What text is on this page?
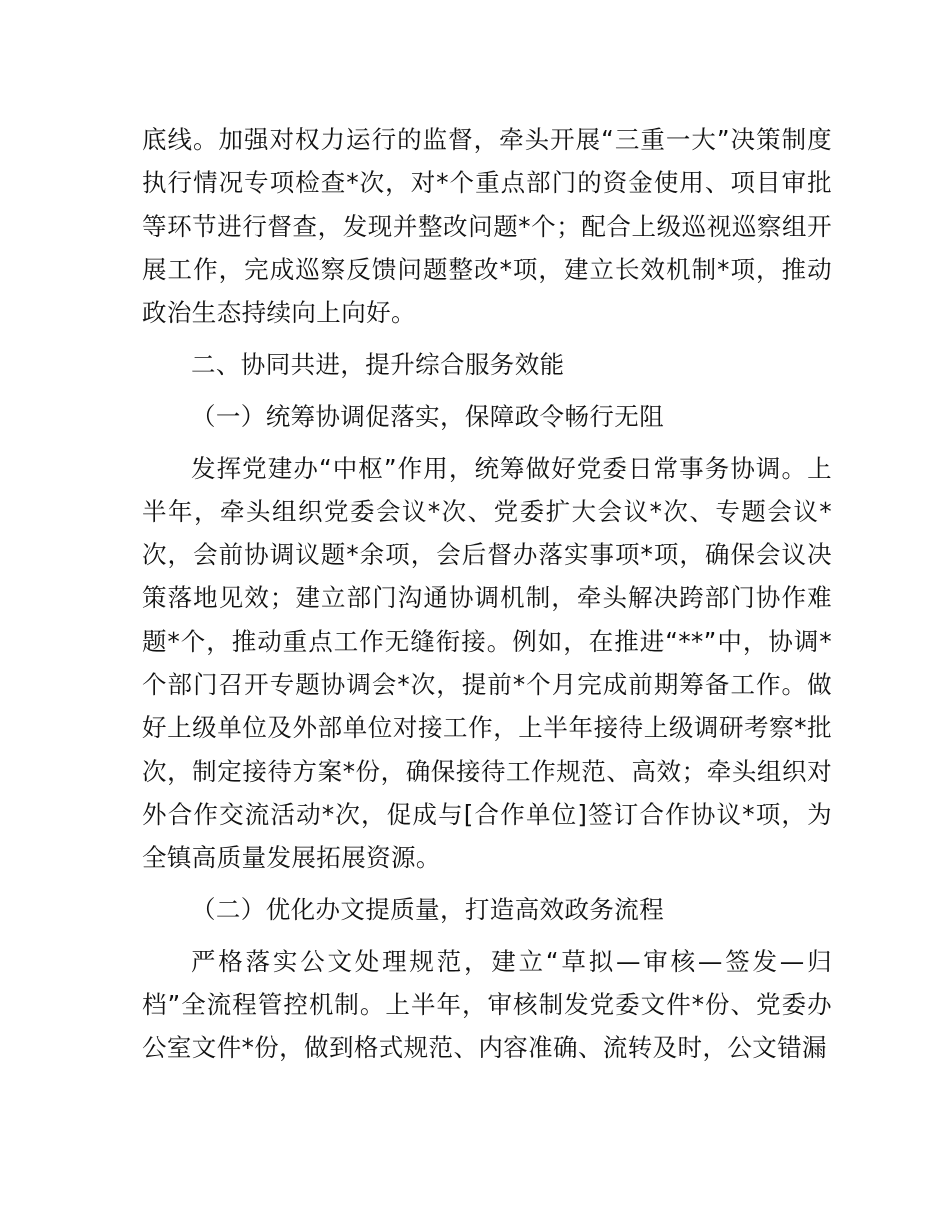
底线。加强对权力运行的监督，牵头开展“三重一大”决策制度执行情况专项检查*次，对*个重点部门的资金使用、项目审批等环节进行督查，发现并整改问题*个；配合上级巡视巡察组开展工作，完成巡察反馈问题整改*项，建立长效机制*项，推动政治生态持续向上向好。

二、协同共进，提升综合服务效能

（一）统筹协调促落实，保障政令畅行无阻

发挥党建办“中枢”作用，统筹做好党委日常事务协调。上半年，牵头组织党委会议*次、党委扩大会议*次、专题会议*次，会前协调议题*余项，会后督办落实事项*项，确保会议决策落地见效；建立部门沟通协调机制，牵头解决跨部门协作难题*个，推动重点工作无缝衔接。例如，在推进“**”中，协调*个部门召开专题协调会*次，提前*个月完成前期筹备工作。做好上级单位及外部单位对接工作，上半年接待上级调研考察*批次，制定接待方案*份，确保接待工作规范、高效；牵头组织对外合作交流活动*次，促成与[合作单位]签订合作协议*项，为全镇高质量发展拓展资源。

（二）优化办文提质量，打造高效政务流程

严格落实公文处理规范，建立“草拟—审核—签发—归档”全流程管控机制。上半年，审核制发党委文件*份、党委办公室文件*份，做到格式规范、内容准确、流转及时，公文错漏
